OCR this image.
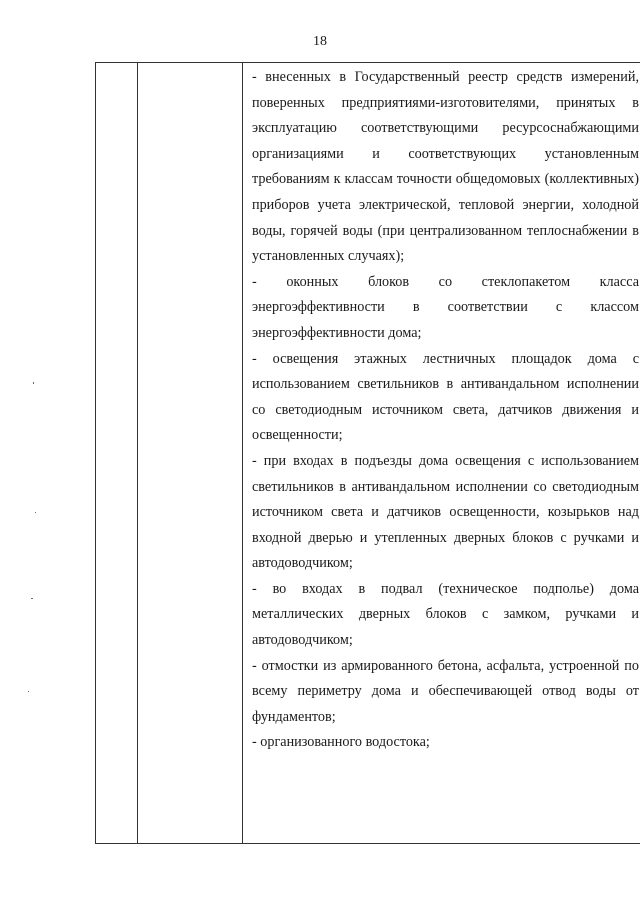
18

- внесенных в Государственный реестр средств измерений, поверенных предприятиями-изготовителями, принятых в эксплуатацию соответствующими ресурсоснабжающими организациями и соответствующих установленным требованиям к классам точности общедомовых (коллективных) приборов учета электрической, тепловой энергии, холодной воды, горячей воды (при централизованном теплоснабжении в установленных случаях);

- оконных блоков со стеклопакетом класса энергоэффективности в соответствии с классом энергоэффективности дома;

- освещения этажных лестничных площадок дома с использованием светильников в антивандальном исполнении со светодиодным источником света, датчиков движения и освещенности;

- при входах в подъезды дома освещения с использованием светильников в антивандальном исполнении со светодиодным источником света и датчиков освещенности, козырьков над входной дверью и утепленных дверных блоков с ручками и автодоводчиком;

- во входах в подвал (техническое подполье) дома металлических дверных блоков с замком, ручками и автодоводчиком;

- отмостки из армированного бетона, асфальта, устроенной по всему периметру дома и обеспечивающей отвод воды от фундаментов;

- организованного водостока;
